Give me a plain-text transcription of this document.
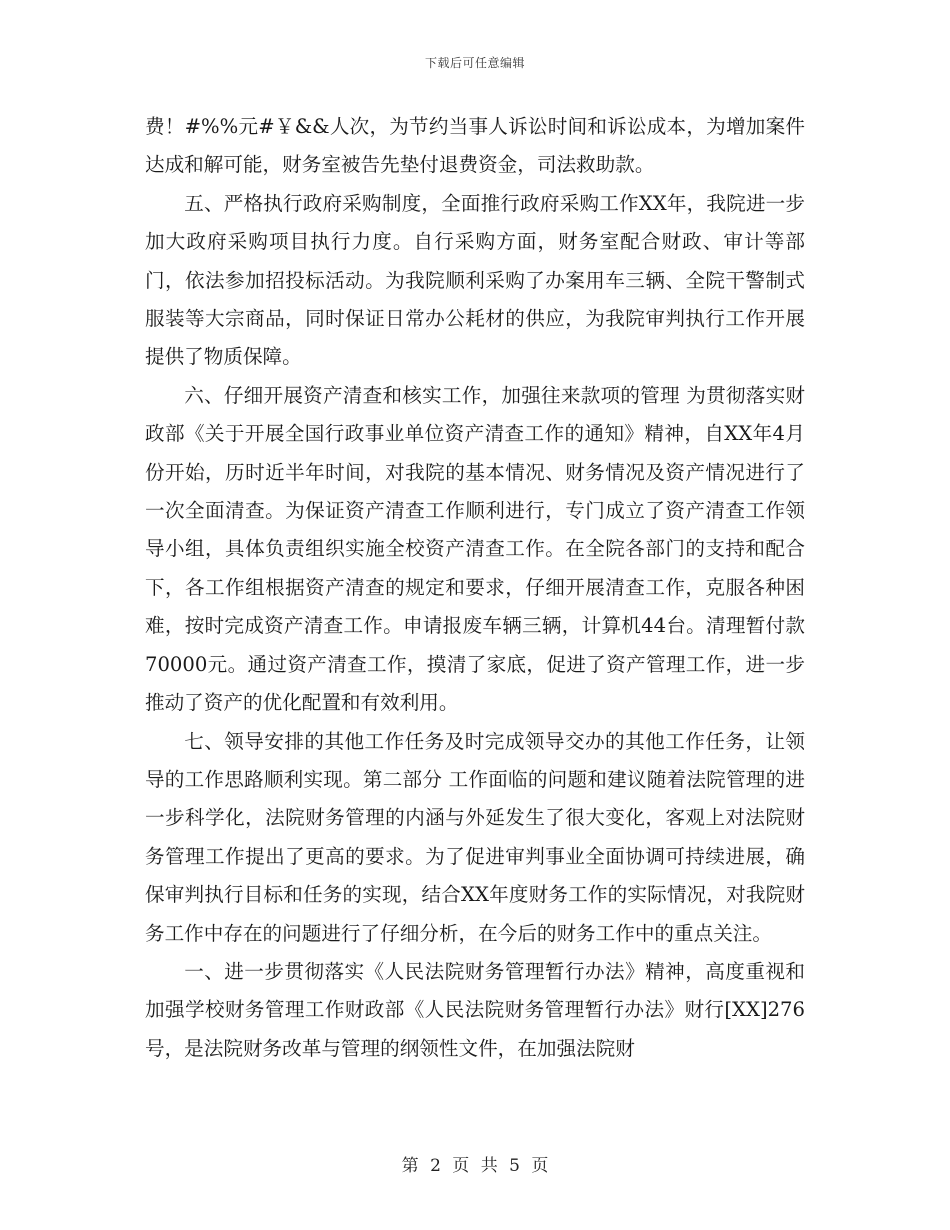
下载后可任意编辑

费！#%%元#￥&&人次，为节约当事人诉讼时间和诉讼成本，为增加案件达成和解可能，财务室被告先垫付退费资金，司法救助款。

五、严格执行政府采购制度，全面推行政府采购工作XX年，我院进一步加大政府采购项目执行力度。自行采购方面，财务室配合财政、审计等部门，依法参加招投标活动。为我院顺利采购了办案用车三辆、全院干警制式服装等大宗商品，同时保证日常办公耗材的供应，为我院审判执行工作开展提供了物质保障。

六、仔细开展资产清查和核实工作，加强往来款项的管理 为贯彻落实财政部《关于开展全国行政事业单位资产清查工作的通知》精神，自XX年4月份开始，历时近半年时间，对我院的基本情况、财务情况及资产情况进行了一次全面清查。为保证资产清查工作顺利进行，专门成立了资产清查工作领导小组，具体负责组织实施全校资产清查工作。在全院各部门的支持和配合下，各工作组根据资产清查的规定和要求，仔细开展清查工作，克服各种困难，按时完成资产清查工作。申请报废车辆三辆，计算机44台。清理暂付款70000元。通过资产清查工作，摸清了家底，促进了资产管理工作，进一步推动了资产的优化配置和有效利用。

七、领导安排的其他工作任务及时完成领导交办的其他工作任务，让领导的工作思路顺利实现。第二部分 工作面临的问题和建议随着法院管理的进一步科学化，法院财务管理的内涵与外延发生了很大变化，客观上对法院财务管理工作提出了更高的要求。为了促进审判事业全面协调可持续进展，确保审判执行目标和任务的实现，结合XX年度财务工作的实际情况，对我院财务工作中存在的问题进行了仔细分析，在今后的财务工作中的重点关注。

一、进一步贯彻落实《人民法院财务管理暂行办法》精神，高度重视和加强学校财务管理工作财政部《人民法院财务管理暂行办法》财行[XX]276号，是法院财务改革与管理的纲领性文件，在加强法院财

第 2 页 共 5 页
